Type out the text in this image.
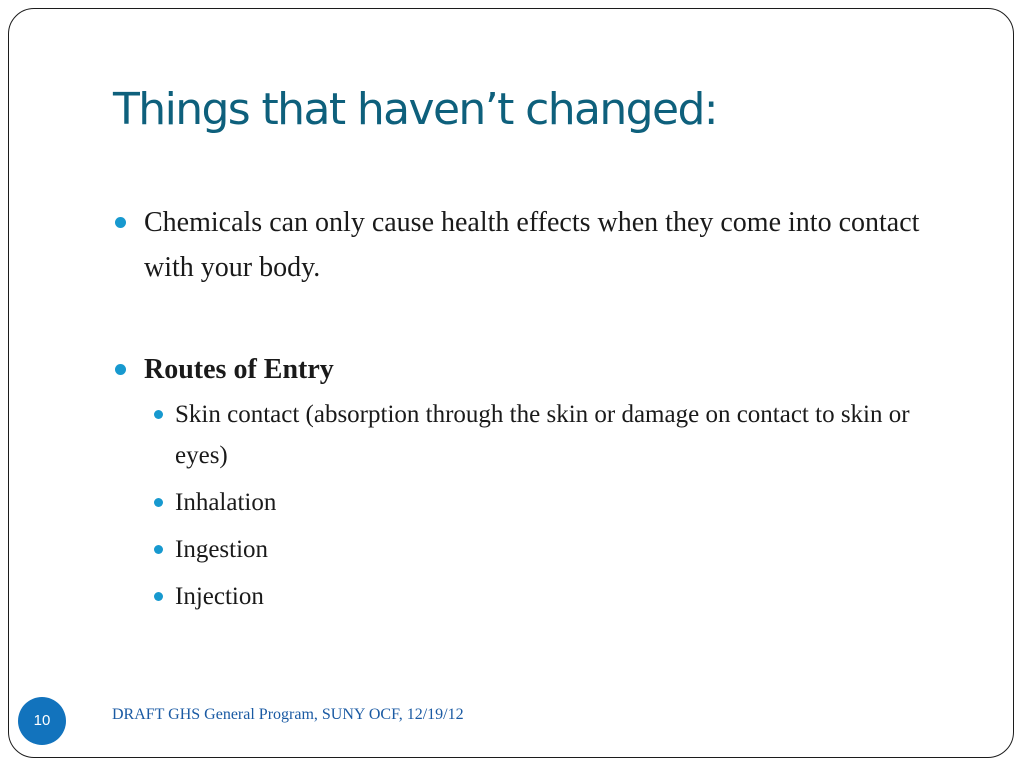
Things that haven’t changed:
Chemicals can only cause health effects when they come into contact with your body.
Routes of Entry
Skin contact (absorption through the skin or damage on contact to skin or eyes)
Inhalation
Ingestion
Injection
10	DRAFT GHS General Program, SUNY OCF, 12/19/12
